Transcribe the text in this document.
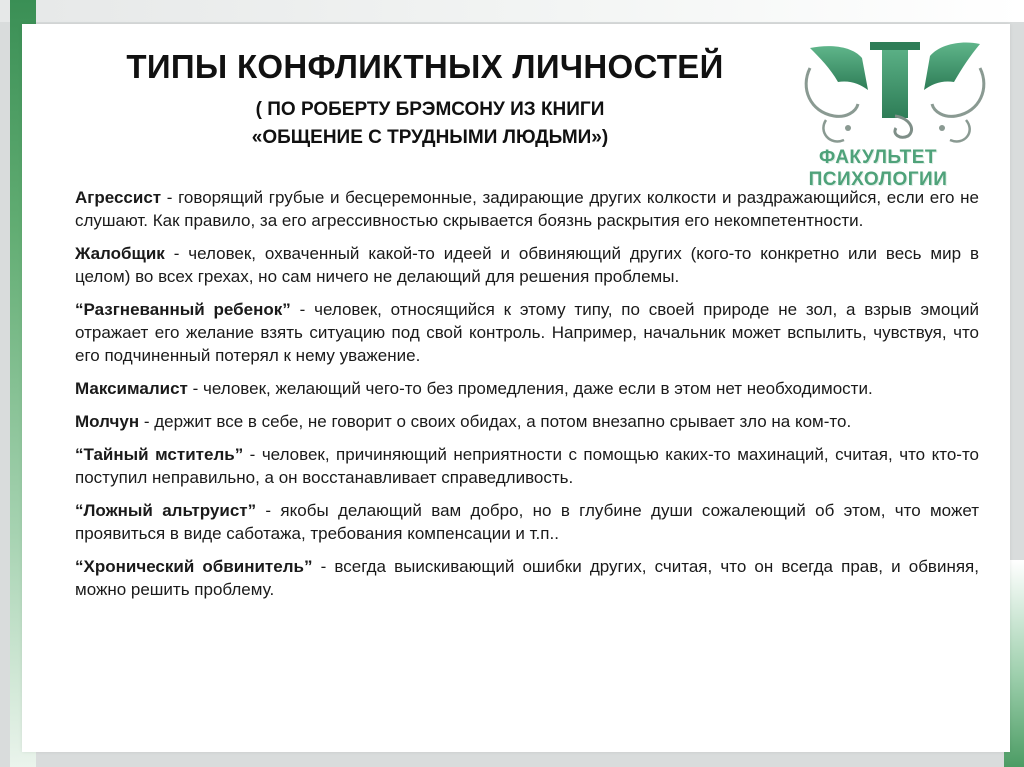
ТИПЫ КОНФЛИКТНЫХ ЛИЧНОСТЕЙ
( ПО РОБЕРТУ БРЭМСОНУ ИЗ КНИГИ
«ОБЩЕНИЕ С ТРУДНЫМИ ЛЮДЬМИ»)
ФАКУЛЬТЕТ ПСИХОЛОГИИ

Агрессист - говорящий грубые и бесцеремонные, задирающие других колкости и раздражающийся, если его не слушают. Как правило, за его агрессивностью скрывается боязнь раскрытия его некомпетентности.

Жалобщик - человек, охваченный какой-то идеей и обвиняющий других (кого-то конкретно или весь мир в целом) во всех грехах, но сам ничего не делающий для решения проблемы.

“Разгневанный ребенок” - человек, относящийся к этому типу, по своей природе не зол, а взрыв эмоций отражает его желание взять ситуацию под свой контроль. Например, начальник может вспылить, чувствуя, что его подчиненный потерял к нему уважение.

Максималист - человек, желающий чего-то без промедления, даже если в этом нет необходимости.

Молчун - держит все в себе, не говорит о своих обидах, а потом внезапно срывает зло на ком-то.

“Тайный мститель” - человек, причиняющий неприятности с помощью каких-то махинаций, считая, что кто-то поступил неправильно, а он восстанавливает справедливость.

“Ложный альтруист” - якобы делающий вам добро, но в глубине души сожалеющий об этом, что может проявиться в виде саботажа, требования компенсации и т.п..

“Хронический обвинитель” - всегда выискивающий ошибки других, считая, что он всегда прав, и обвиняя, можно решить проблему.
